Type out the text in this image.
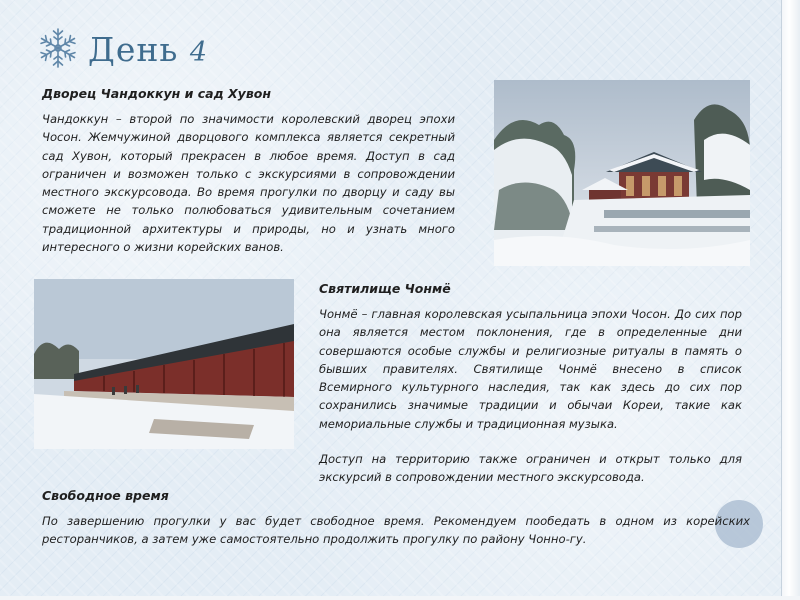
День 4
Дворец Чандоккун и сад Хувон
Чандоккун – второй по значимости королевский дворец эпохи Чосон. Жемчужиной дворцового комплекса является секретный сад Хувон, который прекрасен в любое время. Доступ в сад ограничен и возможен только с экскурсиями в сопровождении местного экскурсовода. Во время прогулки по дворцу и саду вы сможете не только полюбоваться удивительным сочетанием традиционной архитектуры и природы, но и узнать много интересного о жизни корейских ванов.
Святилище Чонмё
Чонмё – главная королевская усыпальница эпохи Чосон. До сих пор она является местом поклонения, где в определенные дни совершаются особые службы и религиозные ритуалы в память о бывших правителях. Святилище Чонмё внесено в список Всемирного культурного наследия, так как здесь до сих пор сохранились значимые традиции и обычаи Кореи, такие как мемориальные службы и традиционная музыка.
Доступ на территорию также ограничен и открыт только для экскурсий в сопровождении местного экскурсовода.
Свободное время
По завершению прогулки у вас будет свободное время. Рекомендуем пообедать в одном из корейских ресторанчиков, а затем уже самостоятельно продолжить прогулку по району Чонно-гу.
